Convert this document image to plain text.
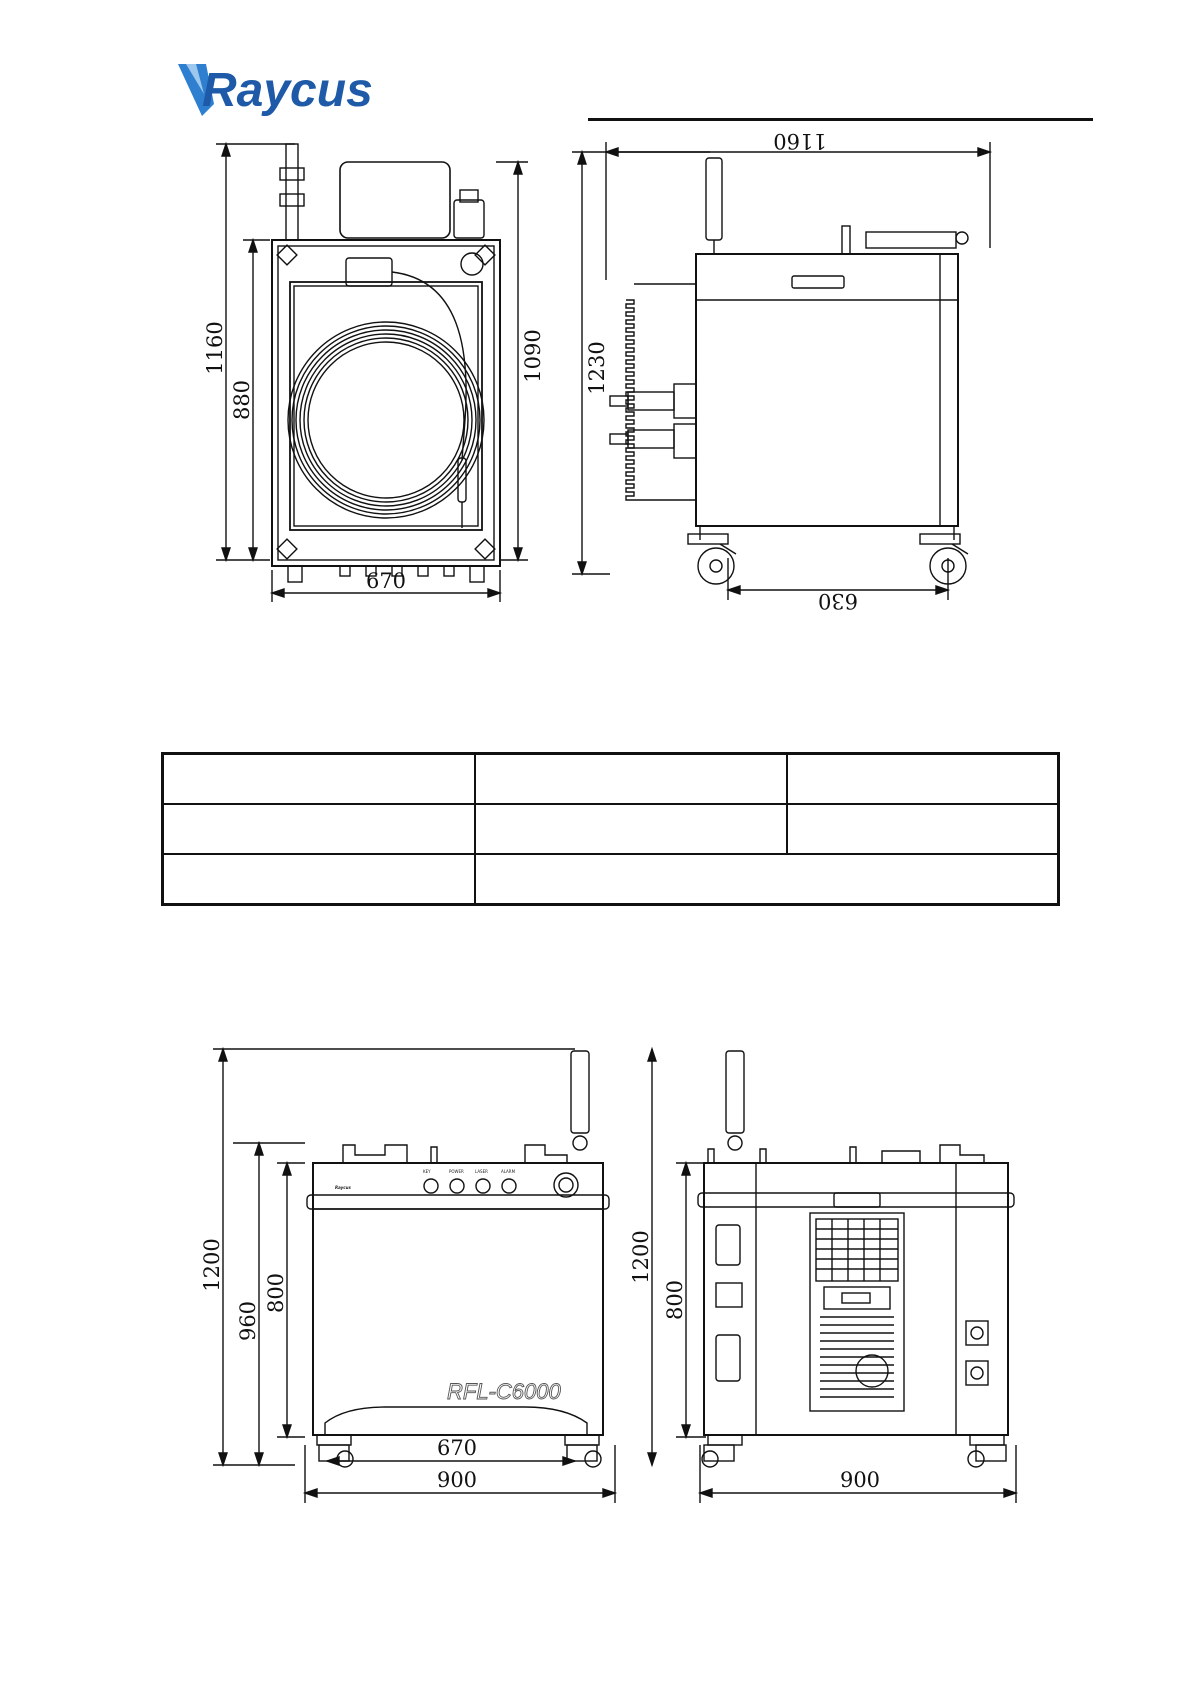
Raycus
1160
880
1090
670
1160
1230
630

Raycus
KEY	POWER	LASER	ALARM
RFL-C6000
1200
960
800
670
900
1200
800
900
